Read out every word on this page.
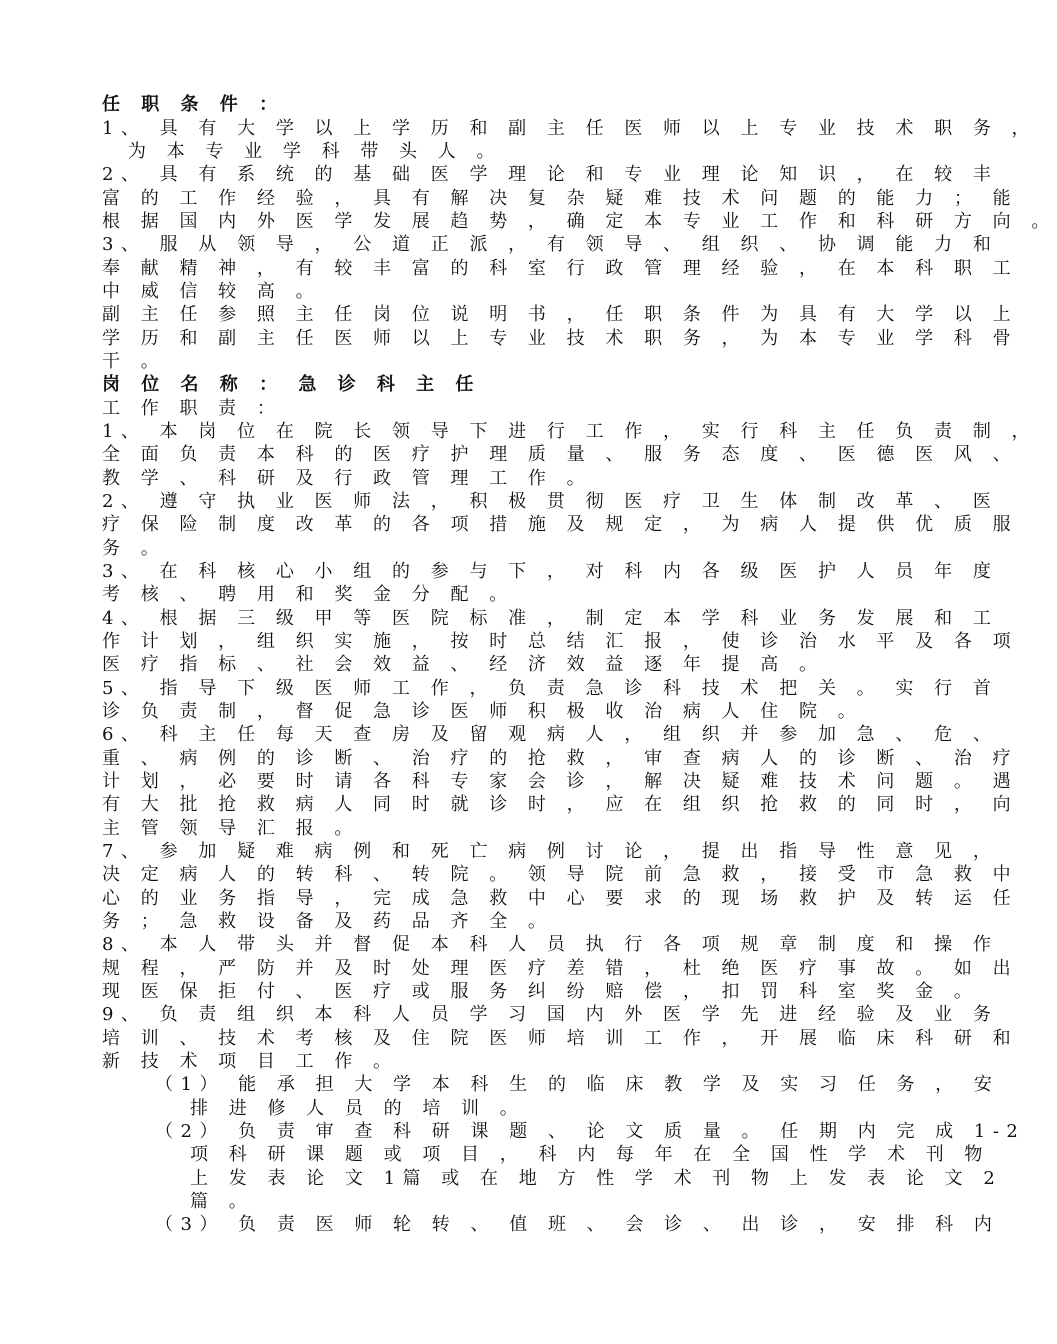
任 职 条 件 ：
1、 具 有 大 学 以 上 学 历 和 副 主 任 医 师 以 上 专 业 技 术 职 务 ，
为 本 专 业 学 科 带 头 人 。
2、 具 有 系 统 的 基 础 医 学 理 论 和 专 业 理 论 知 识 ， 在 较 丰
富 的 工 作 经 验 ， 具 有 解 决 复 杂 疑 难 技 术 问 题 的 能 力 ； 能
根 据 国 内 外 医 学 发 展 趋 势 ， 确 定 本 专 业 工 作 和 科 研 方 向 。
3、 服 从 领 导 ， 公 道 正 派 ， 有 领 导 、 组 织 、 协 调 能 力 和
奉 献 精 神 ， 有 较 丰 富 的 科 室 行 政 管 理 经 验 ， 在 本 科 职 工
中 威 信 较 高 。
副 主 任 参 照 主 任 岗 位 说 明 书 ， 任 职 条 件 为 具 有 大 学 以 上
学 历 和 副 主 任 医 师 以 上 专 业 技 术 职 务 ， 为 本 专 业 学 科 骨
干 。
岗 位 名 称 ： 急 诊 科 主 任
工 作 职 责 ：
1、 本 岗 位 在 院 长 领 导 下 进 行 工 作 ， 实 行 科 主 任 负 责 制 ，
全 面 负 责 本 科 的 医 疗 护 理 质 量 、 服 务 态 度 、 医 德 医 风 、
教 学 、 科 研 及 行 政 管 理 工 作 。
2、 遵 守 执 业 医 师 法 ， 积 极 贯 彻 医 疗 卫 生 体 制 改 革 、 医
疗 保 险 制 度 改 革 的 各 项 措 施 及 规 定 ， 为 病 人 提 供 优 质 服
务 。
3、 在 科 核 心 小 组 的 参 与 下 ， 对 科 内 各 级 医 护 人 员 年 度
考 核 、 聘 用 和 奖 金 分 配 。
4、 根 据 三 级 甲 等 医 院 标 准 ， 制 定 本 学 科 业 务 发 展 和 工
作 计 划 ， 组 织 实 施 ， 按 时 总 结 汇 报 ， 使 诊 治 水 平 及 各 项
医 疗 指 标 、 社 会 效 益 、 经 济 效 益 逐 年 提 高 。
5、 指 导 下 级 医 师 工 作 ， 负 责 急 诊 科 技 术 把 关 。 实 行 首
诊 负 责 制 ， 督 促 急 诊 医 师 积 极 收 治 病 人 住 院 。
6、 科 主 任 每 天 查 房 及 留 观 病 人 ， 组 织 并 参 加 急 、 危 、
重 、 病 例 的 诊 断 、 治 疗 的 抢 救 ， 审 查 病 人 的 诊 断 、 治 疗
计 划 ， 必 要 时 请 各 科 专 家 会 诊 ， 解 决 疑 难 技 术 问 题 。 遇
有 大 批 抢 救 病 人 同 时 就 诊 时 ， 应 在 组 织 抢 救 的 同 时 ， 向
主 管 领 导 汇 报 。
7、 参 加 疑 难 病 例 和 死 亡 病 例 讨 论 ， 提 出 指 导 性 意 见 ，
决 定 病 人 的 转 科 、 转 院 。 领 导 院 前 急 救 ， 接 受 市 急 救 中
心 的 业 务 指 导 ， 完 成 急 救 中 心 要 求 的 现 场 救 护 及 转 运 任
务 ； 急 救 设 备 及 药 品 齐 全 。
8、 本 人 带 头 并 督 促 本 科 人 员 执 行 各 项 规 章 制 度 和 操 作
规 程 ， 严 防 并 及 时 处 理 医 疗 差 错 ， 杜 绝 医 疗 事 故 。 如 出
现 医 保 拒 付 、 医 疗 或 服 务 纠 纷 赔 偿 ， 扣 罚 科 室 奖 金 。
9、 负 责 组 织 本 科 人 员 学 习 国 内 外 医 学 先 进 经 验 及 业 务
培 训 、 技 术 考 核 及 住 院 医 师 培 训 工 作 ， 开 展 临 床 科 研 和
新 技 术 项 目 工 作 。
（1） 能 承 担 大 学 本 科 生 的 临 床 教 学 及 实 习 任 务 ， 安
排 进 修 人 员 的 培 训 。
（2） 负 责 审 查 科 研 课 题 、 论 文 质 量 。 任 期 内 完 成 1-2
项 科 研 课 题 或 项 目 ， 科 内 每 年 在 全 国 性 学 术 刊 物
上 发 表 论 文 1篇 或 在 地 方 性 学 术 刊 物 上 发 表 论 文 2
篇 。
（3） 负 责 医 师 轮 转 、 值 班 、 会 诊 、 出 诊 ， 安 排 科 内
